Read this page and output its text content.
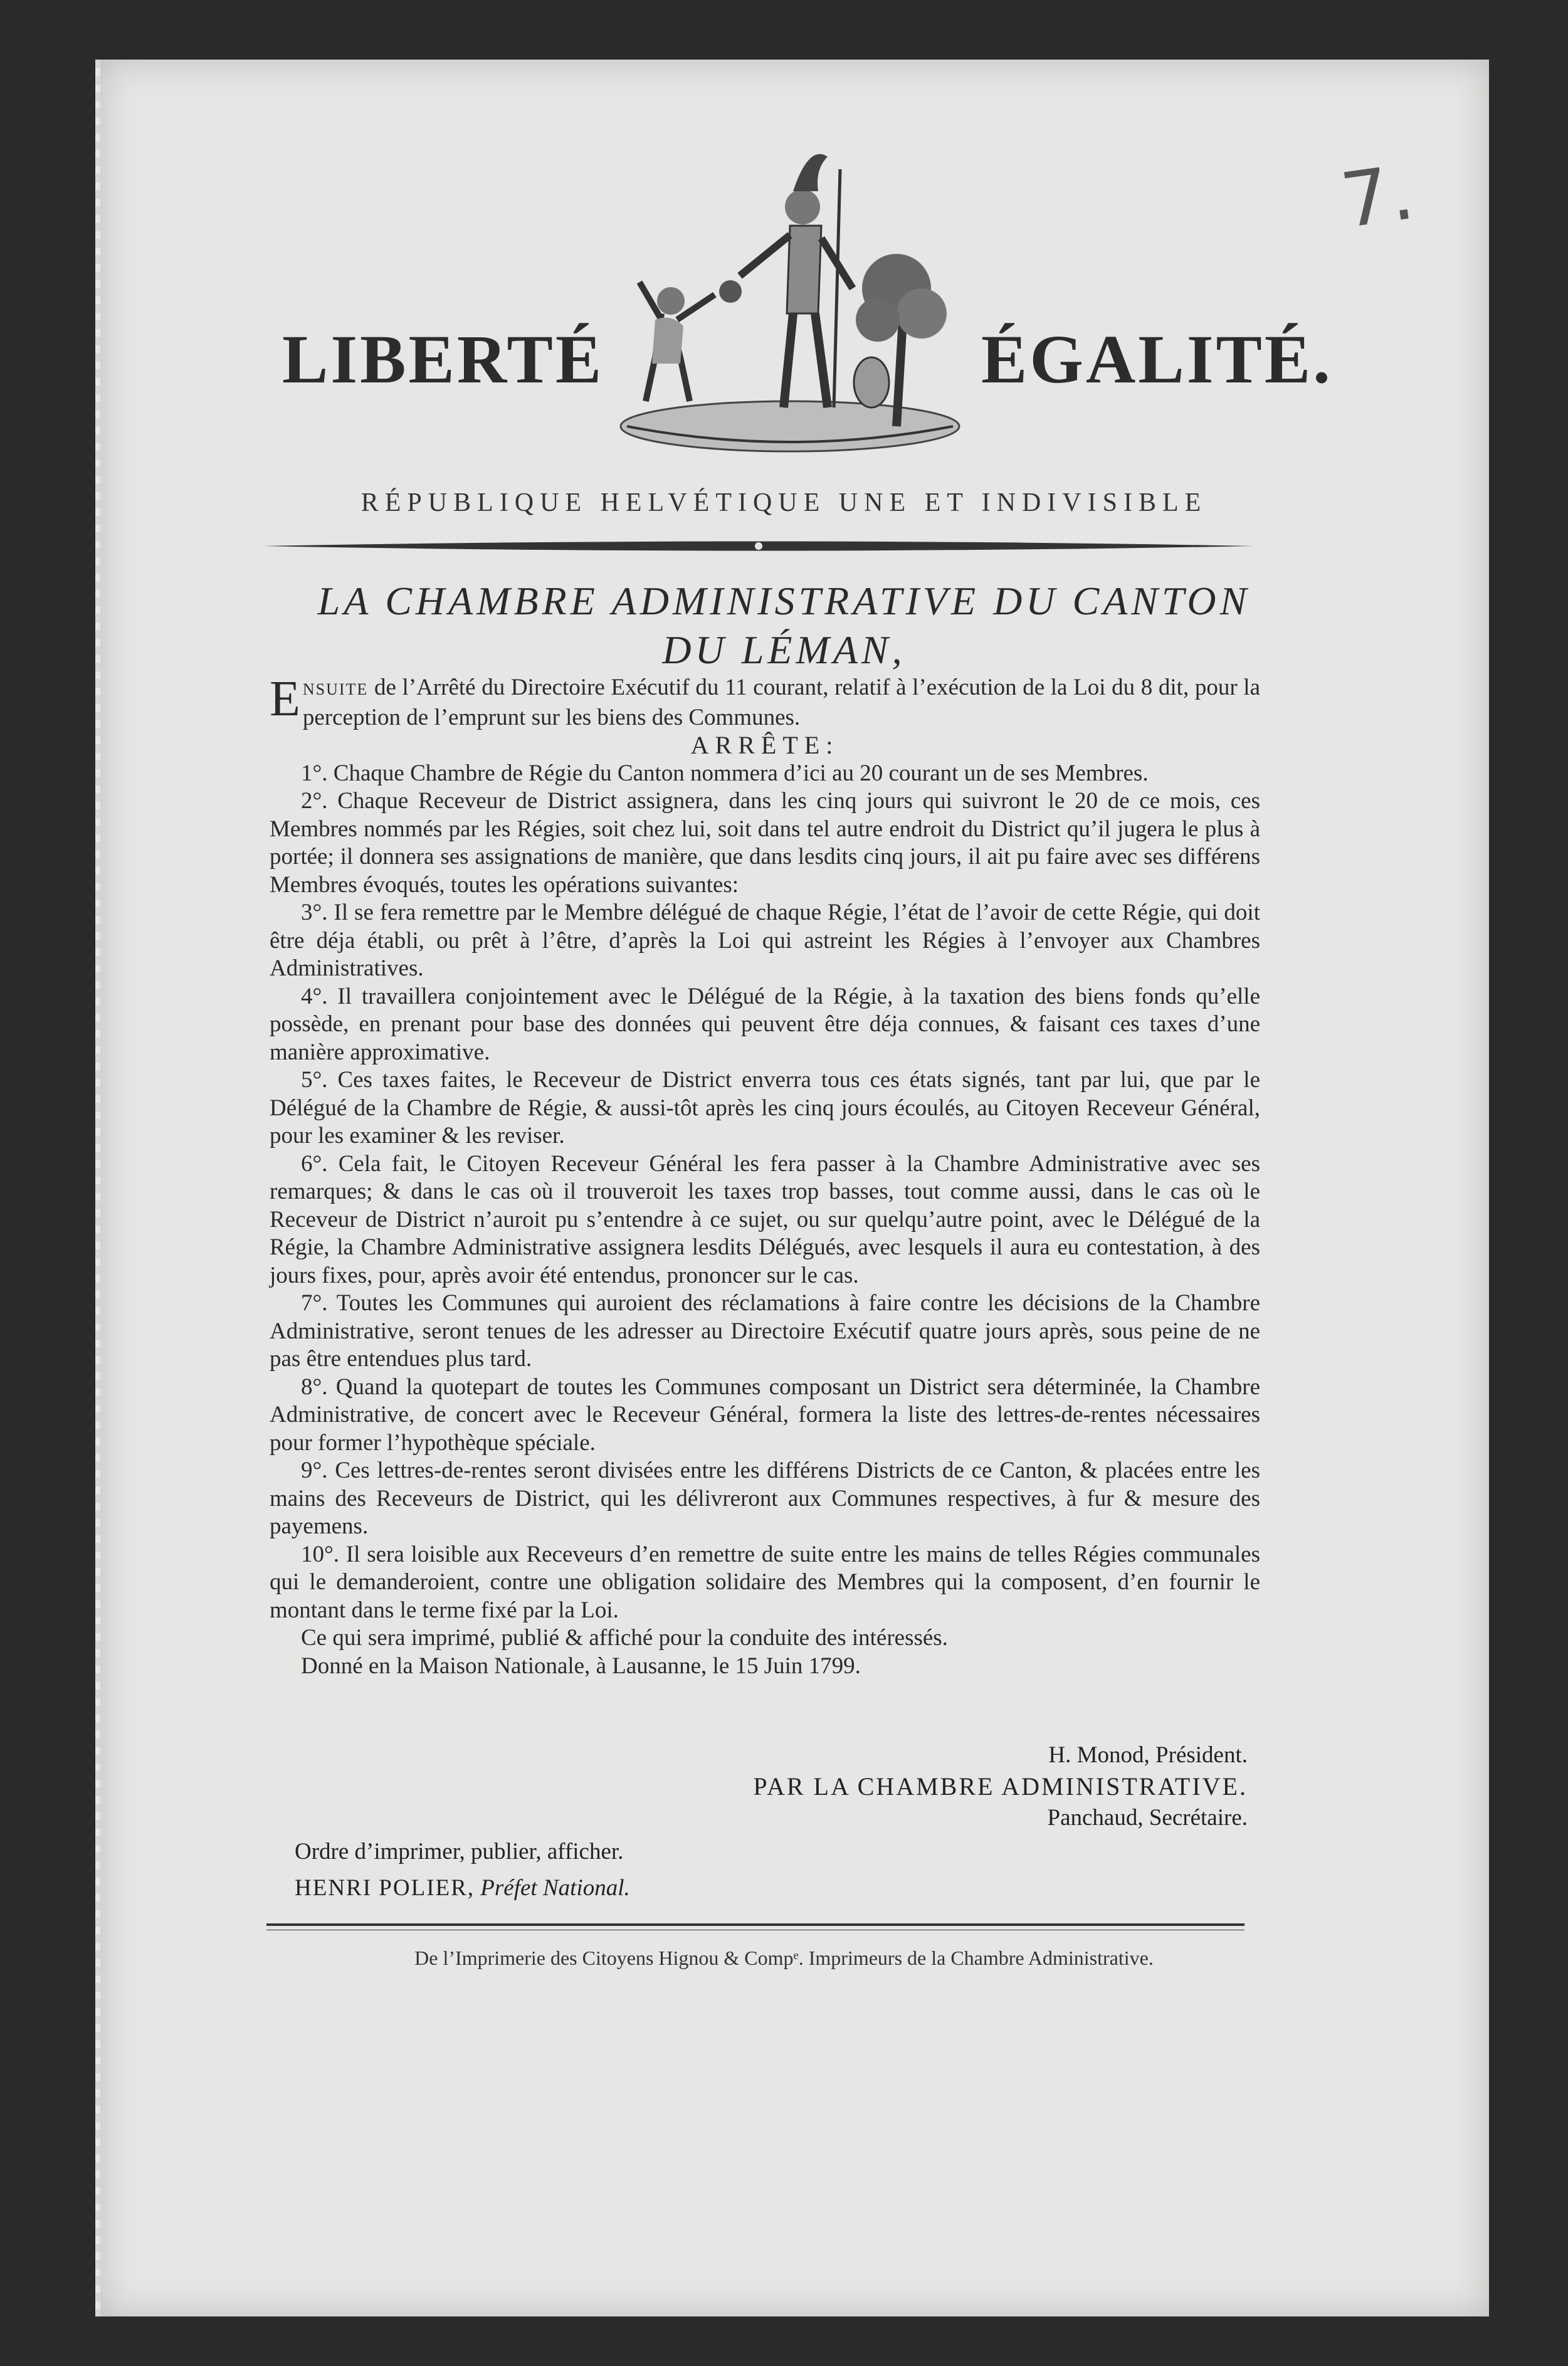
7.
LIBERTÉ	ÉGALITÉ.
RÉPUBLIQUE HELVÉTIQUE UNE ET INDIVISIBLE
LA CHAMBRE ADMINISTRATIVE DU CANTON
DU LÉMAN,

ENSUITE de l’Arrêté du Directoire Exécutif du 11 courant, relatif à l’exécution de la Loi du 8 dit, pour la perception de l’emprunt sur les biens des Communes.

ARRÊTE:

1°. Chaque Chambre de Régie du Canton nommera d’ici au 20 courant un de ses Membres.

2°. Chaque Receveur de District assignera, dans les cinq jours qui suivront le 20 de ce mois, ces Membres nommés par les Régies, soit chez lui, soit dans tel autre endroit du District qu’il jugera le plus à portée; il donnera ses assignations de manière, que dans lesdits cinq jours, il ait pu faire avec ses différens Membres évoqués, toutes les opérations suivantes:

3°. Il se fera remettre par le Membre délégué de chaque Régie, l’état de l’avoir de cette Régie, qui doit être déja établi, ou prêt à l’être, d’après la Loi qui astreint les Régies à l’envoyer aux Chambres Administratives.

4°. Il travaillera conjointement avec le Délégué de la Régie, à la taxation des biens fonds qu’elle possède, en prenant pour base des données qui peuvent être déja connues, & faisant ces taxes d’une manière approximative.

5°. Ces taxes faites, le Receveur de District enverra tous ces états signés, tant par lui, que par le Délégué de la Chambre de Régie, & aussi-tôt après les cinq jours écoulés, au Citoyen Receveur Général, pour les examiner & les reviser.

6°. Cela fait, le Citoyen Receveur Général les fera passer à la Chambre Administrative avec ses remarques; & dans le cas où il trouveroit les taxes trop basses, tout comme aussi, dans le cas où le Receveur de District n’auroit pu s’entendre à ce sujet, ou sur quelqu’autre point, avec le Délégué de la Régie, la Chambre Administrative assignera lesdits Délégués, avec lesquels il aura eu contestation, à des jours fixes, pour, après avoir été entendus, prononcer sur le cas.

7°. Toutes les Communes qui auroient des réclamations à faire contre les décisions de la Chambre Administrative, seront tenues de les adresser au Directoire Exécutif quatre jours après, sous peine de ne pas être entendues plus tard.

8°. Quand la quotepart de toutes les Communes composant un District sera déterminée, la Chambre Administrative, de concert avec le Receveur Général, formera la liste des lettres-de-rentes nécessaires pour former l’hypothèque spéciale.

9°. Ces lettres-de-rentes seront divisées entre les différens Districts de ce Canton, & placées entre les mains des Receveurs de District, qui les délivreront aux Communes respectives, à fur & mesure des payemens.

10°. Il sera loisible aux Receveurs d’en remettre de suite entre les mains de telles Régies communales qui le demanderoient, contre une obligation solidaire des Membres qui la composent, d’en fournir le montant dans le terme fixé par la Loi.

Ce qui sera imprimé, publié & affiché pour la conduite des intéressés.

Donné en la Maison Nationale, à Lausanne, le 15 Juin 1799.

H. Monod, Président.
PAR LA CHAMBRE ADMINISTRATIVE.
Panchaud, Secrétaire.
Ordre d’imprimer, publier, afficher.
HENRI POLIER, Préfet National.
De l’Imprimerie des Citoyens Hignou & Compᵉ. Imprimeurs de la Chambre Administrative.
